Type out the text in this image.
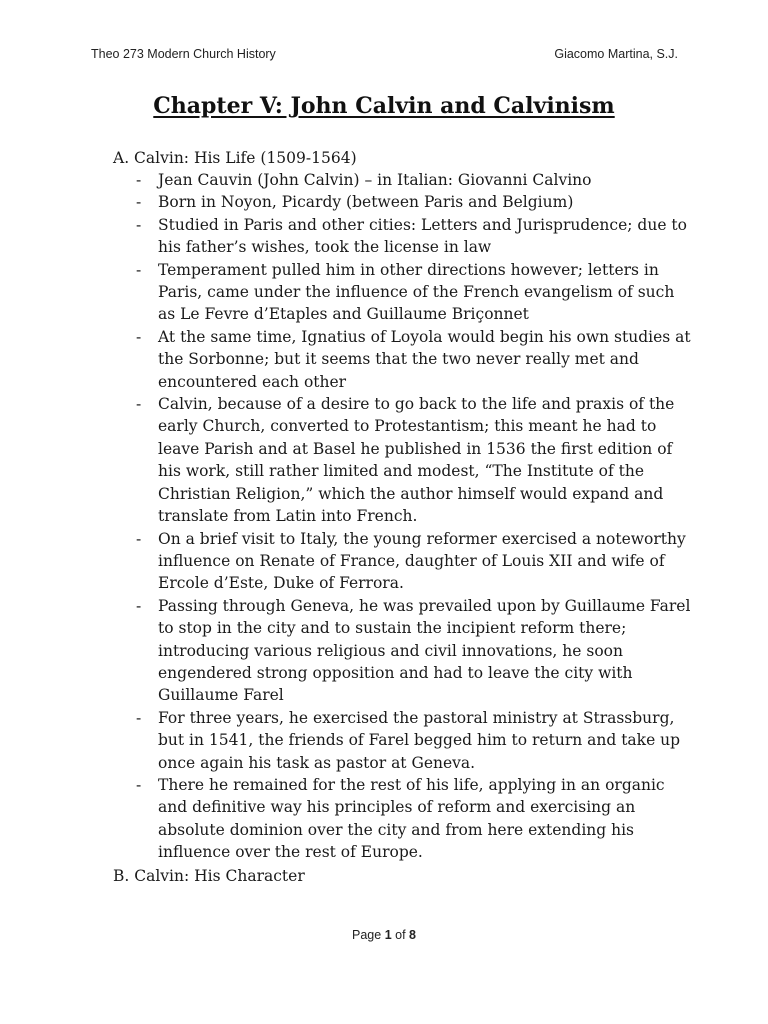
Theo 273 Modern Church History	Giacomo Martina, S.J.
Chapter V: John Calvin and Calvinism
A. Calvin: His Life (1509-1564)
- Jean Cauvin (John Calvin) – in Italian: Giovanni Calvino
- Born in Noyon, Picardy (between Paris and Belgium)
- Studied in Paris and other cities: Letters and Jurisprudence; due to his father’s wishes, took the license in law
- Temperament pulled him in other directions however; letters in Paris, came under the influence of the French evangelism of such as Le Fevre d’Etaples and Guillaume Briçonnet
- At the same time, Ignatius of Loyola would begin his own studies at the Sorbonne; but it seems that the two never really met and encountered each other
- Calvin, because of a desire to go back to the life and praxis of the early Church, converted to Protestantism; this meant he had to leave Parish and at Basel he published in 1536 the first edition of his work, still rather limited and modest, “The Institute of the Christian Religion,” which the author himself would expand and translate from Latin into French.
- On a brief visit to Italy, the young reformer exercised a noteworthy influence on Renate of France, daughter of Louis XII and wife of Ercole d’Este, Duke of Ferrora.
- Passing through Geneva, he was prevailed upon by Guillaume Farel to stop in the city and to sustain the incipient reform there; introducing various religious and civil innovations, he soon engendered strong opposition and had to leave the city with Guillaume Farel
- For three years, he exercised the pastoral ministry at Strassburg, but in 1541, the friends of Farel begged him to return and take up once again his task as pastor at Geneva.
- There he remained for the rest of his life, applying in an organic and definitive way his principles of reform and exercising an absolute dominion over the city and from here extending his influence over the rest of Europe.
B. Calvin: His Character
Page 1 of 8
